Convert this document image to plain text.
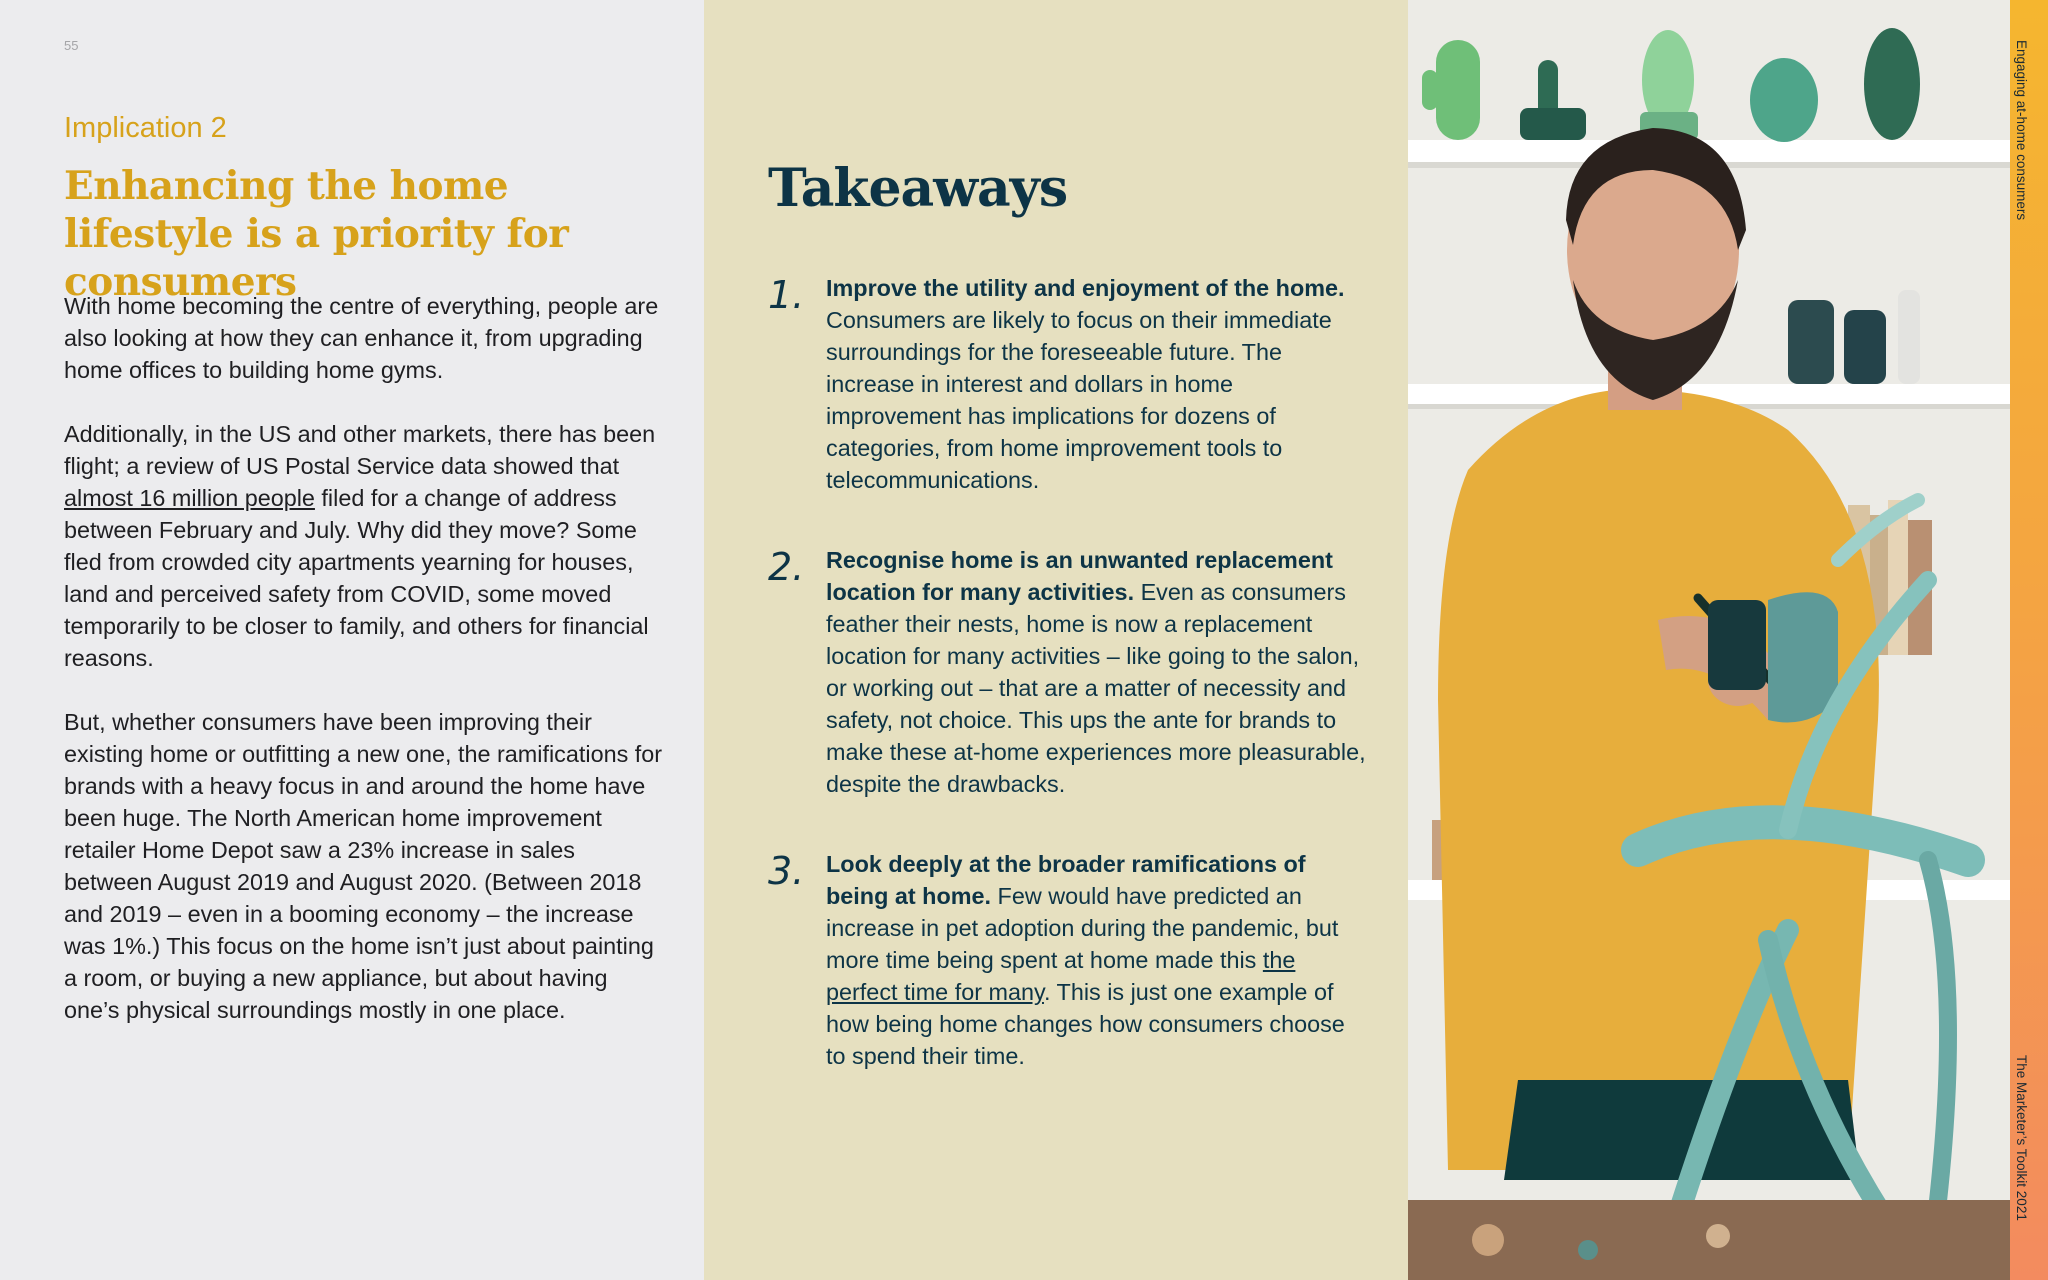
55
Implication 2
Enhancing the home lifestyle is a priority for consumers

With home becoming the centre of everything, people are also looking at how they can enhance it, from upgrading home offices to building home gyms.

Additionally, in the US and other markets, there has been flight; a review of US Postal Service data showed that almost 16 million people filed for a change of address between February and July. Why did they move? Some fled from crowded city apartments yearning for houses, land and perceived safety from COVID, some moved temporarily to be closer to family, and others for financial reasons.

But, whether consumers have been improving their existing home or outfitting a new one, the ramifications for brands with a heavy focus in and around the home have been huge. The North American home improvement retailer Home Depot saw a 23% increase in sales between August 2019 and August 2020. (Between 2018 and 2019 – even in a booming economy – the increase was 1%.) This focus on the home isn’t just about painting a room, or buying a new appliance, but about having one’s physical surroundings mostly in one place.

Takeaways
1. Improve the utility and enjoyment of the home. Consumers are likely to focus on their immediate surroundings for the foreseeable future. The increase in interest and dollars in home improvement has implications for dozens of categories, from home improvement tools to telecommunications.
2. Recognise home is an unwanted replacement location for many activities. Even as consumers feather their nests, home is now a replacement location for many activities – like going to the salon, or working out – that are a matter of necessity and safety, not choice. This ups the ante for brands to make these at-home experiences more pleasurable, despite the drawbacks.
3. Look deeply at the broader ramifications of being at home. Few would have predicted an increase in pet adoption during the pandemic, but more time being spent at home made this the perfect time for many. This is just one example of how being home changes how consumers choose to spend their time.
Engaging at-home consumers
The Marketer’s Toolkit 2021
